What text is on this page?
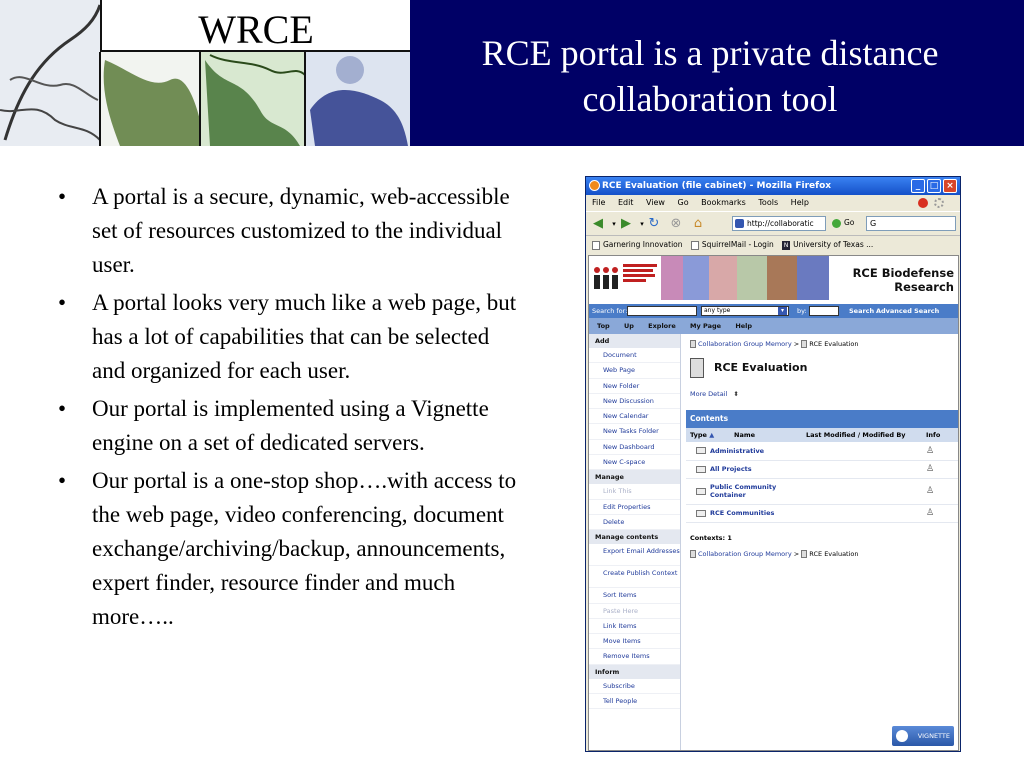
WRCE
RCE portal is a private distance collaboration tool
• A portal is a secure, dynamic, web-accessible set of resources customized to the individual user.
• A portal looks very much like a web page, but has a lot of capabilities that can be selected and organized for each user.
• Our portal is implemented using a Vignette engine on a set of dedicated servers.
• Our portal is a one-stop shop….with access to the web page, video conferencing, document exchange/archiving/backup, announcements, expert finder, resource finder and much more…..
RCE Evaluation (file cabinet) - Mozilla Firefox	_	□ ×
File Edit View Go Bookmarks Tools Help
◀	▾ ▶	▾ ↻ ⊗ ⌂	http://collaboratic	Go	G
Garnering Innovation	SquirrelMail - Login N University of Texas ...
RCE Biodefense
Research
Search for:	any type	▾	by:	Search Advanced Search
Top Up Explore My Page Help
Add
Document
Web Page
New Folder
New Discussion
New Calendar
New Tasks Folder
New Dashboard
New C-space
Manage
Link This
Edit Properties
Delete
Manage contents
Export Email Addresses
Create Publish Context
Sort Items
Paste Here
Link Items
Move Items
Remove Items
Inform
Subscribe
Tell People
Collaboration Group Memory > RCE Evaluation
RCE Evaluation
More Detail ⬍
Contents
Type ▲	Name	Last Modified / Modified By	Info
Administrative			♙
All Projects			♙
Public Community Container			♙
RCE Communities			♙
Contexts: 1
Collaboration Group Memory > RCE Evaluation
VIGNETTE
